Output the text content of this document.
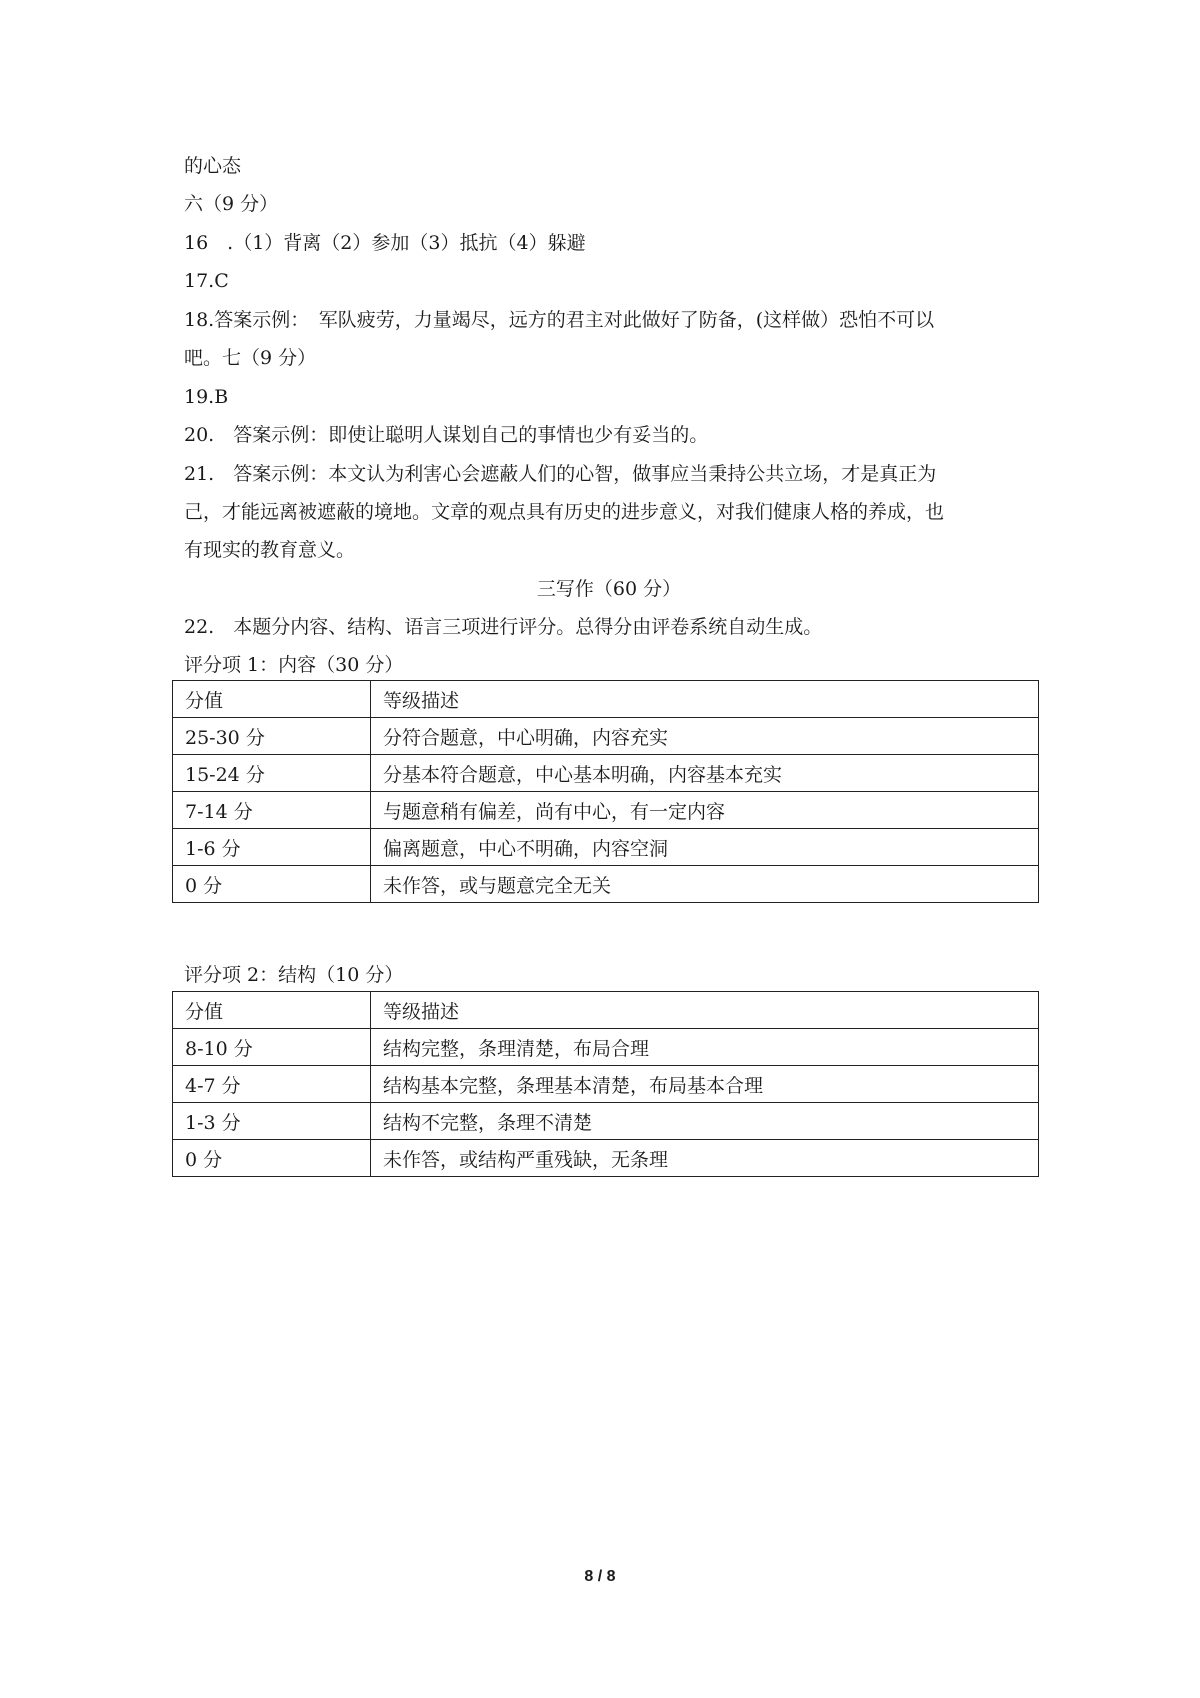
的心态
六（9 分）
16　.（1）背离（2）参加（3）抵抗（4）躲避
17.C
18.答案示例：　军队疲劳，力量竭尽，远方的君主对此做好了防备，(这样做）恐怕不可以
吧。七（9 分）
19.B
20.　答案示例：即使让聪明人谋划自己的事情也少有妥当的。
21.　答案示例：本文认为利害心会遮蔽人们的心智，做事应当秉持公共立场，才是真正为
己，才能远离被遮蔽的境地。文章的观点具有历史的进步意义，对我们健康人格的养成，也
有现实的教育意义。
三写作（60 分）
22.　本题分内容、结构、语言三项进行评分。总得分由评卷系统自动生成。
评分项 1：内容（30 分）
分值	等级描述
25-30 分	分符合题意，中心明确，内容充实
15-24 分	分基本符合题意，中心基本明确，内容基本充实
7-14 分	与题意稍有偏差，尚有中心，有一定内容
1-6 分	偏离题意，中心不明确，内容空洞
0 分	未作答，或与题意完全无关
评分项 2：结构（10 分）
分值	等级描述
8-10 分	结构完整，条理清楚，布局合理
4-7 分	结构基本完整，条理基本清楚，布局基本合理
1-3 分	结构不完整，条理不清楚
0 分	未作答，或结构严重残缺，无条理
8 / 8
